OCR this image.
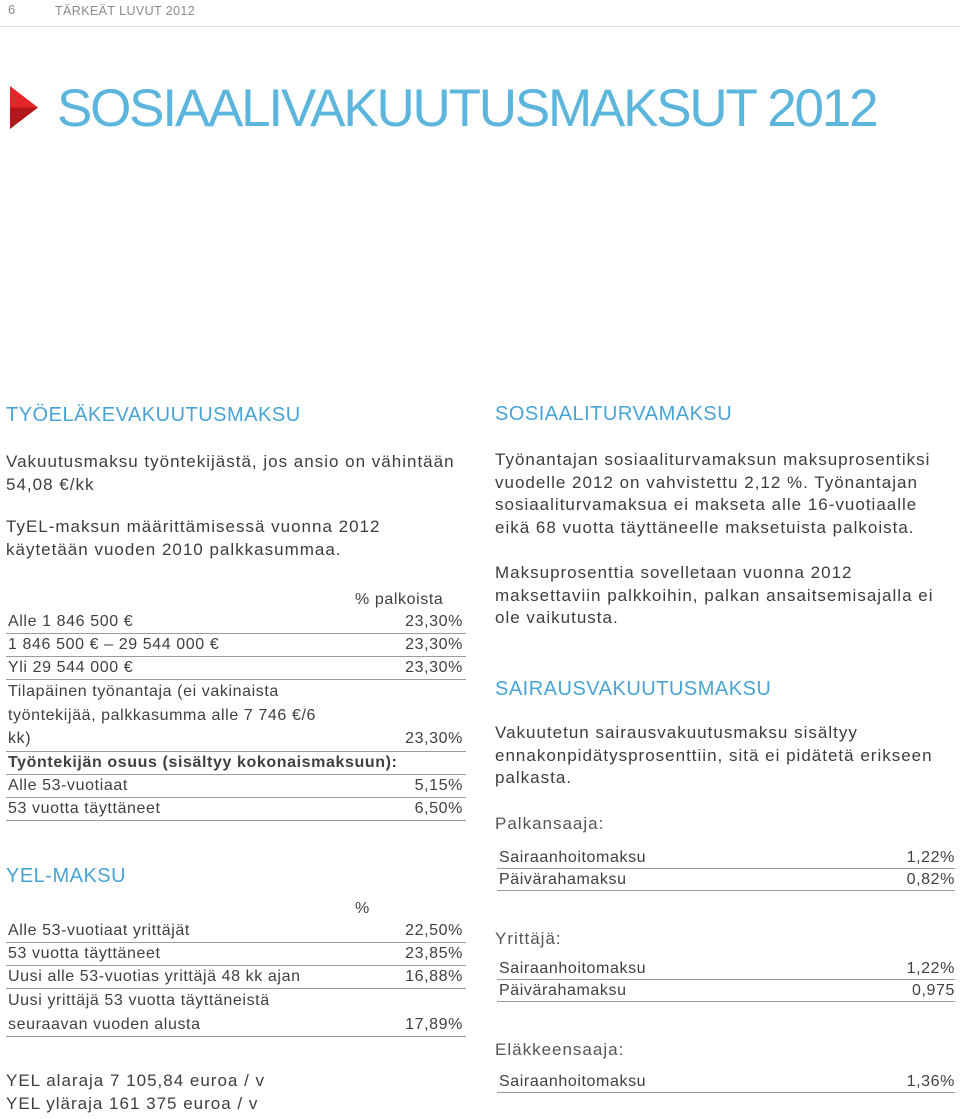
6	TÄRKEÄT LUVUT 2012
SOSIAALIVAKUUTUSMAKSUT 2012
TYÖELÄKEVAKUUTUSMAKSU
Vakuutusmaksu työntekijästä, jos ansio on vähintään
54,08 €/kk
TyEL-maksun määrittämisessä vuonna 2012
käytetään vuoden 2010 palkkasummaa.
% palkoista
Alle 1 846 500 €	23,30%
1 846 500 € – 29 544 000 €	23,30%
Yli 29 544 000 €	23,30%
Tilapäinen työnantaja (ei vakinaista
työntekijää, palkkasumma alle 7 746 €/6
kk)	23,30%
Työntekijän osuus (sisältyy kokonaismaksuun):
Alle 53-vuotiaat	5,15%
53 vuotta täyttäneet	6,50%
YEL-MAKSU
%
Alle 53-vuotiaat yrittäjät	22,50%
53 vuotta täyttäneet	23,85%
Uusi alle 53-vuotias yrittäjä 48 kk ajan	16,88%
Uusi yrittäjä 53 vuotta täyttäneistä
seuraavan vuoden alusta	17,89%
YEL alaraja 7 105,84 euroa / v
YEL yläraja 161 375 euroa / v
SOSIAALITURVAMAKSU
Työnantajan sosiaaliturvamaksun maksuprosentiksi
vuodelle 2012 on vahvistettu 2,12 %. Työnantajan
sosiaaliturvamaksua ei makseta alle 16-vuotiaalle
eikä 68 vuotta täyttäneelle maksetuista palkoista.
Maksuprosenttia sovelletaan vuonna 2012
maksettaviin palkkoihin, palkan ansaitsemisajalla ei
ole vaikutusta.
SAIRAUSVAKUUTUSMAKSU
Vakuutetun sairausvakuutusmaksu sisältyy
ennakonpidätysprosenttiin, sitä ei pidätetä erikseen
palkasta.
Palkansaaja:
Sairaanhoitomaksu	1,22%
Päivärahamaksu	0,82%
Yrittäjä:
Sairaanhoitomaksu	1,22%
Päivärahamaksu	0,975
Eläkkeensaaja:
Sairaanhoitomaksu	1,36%
